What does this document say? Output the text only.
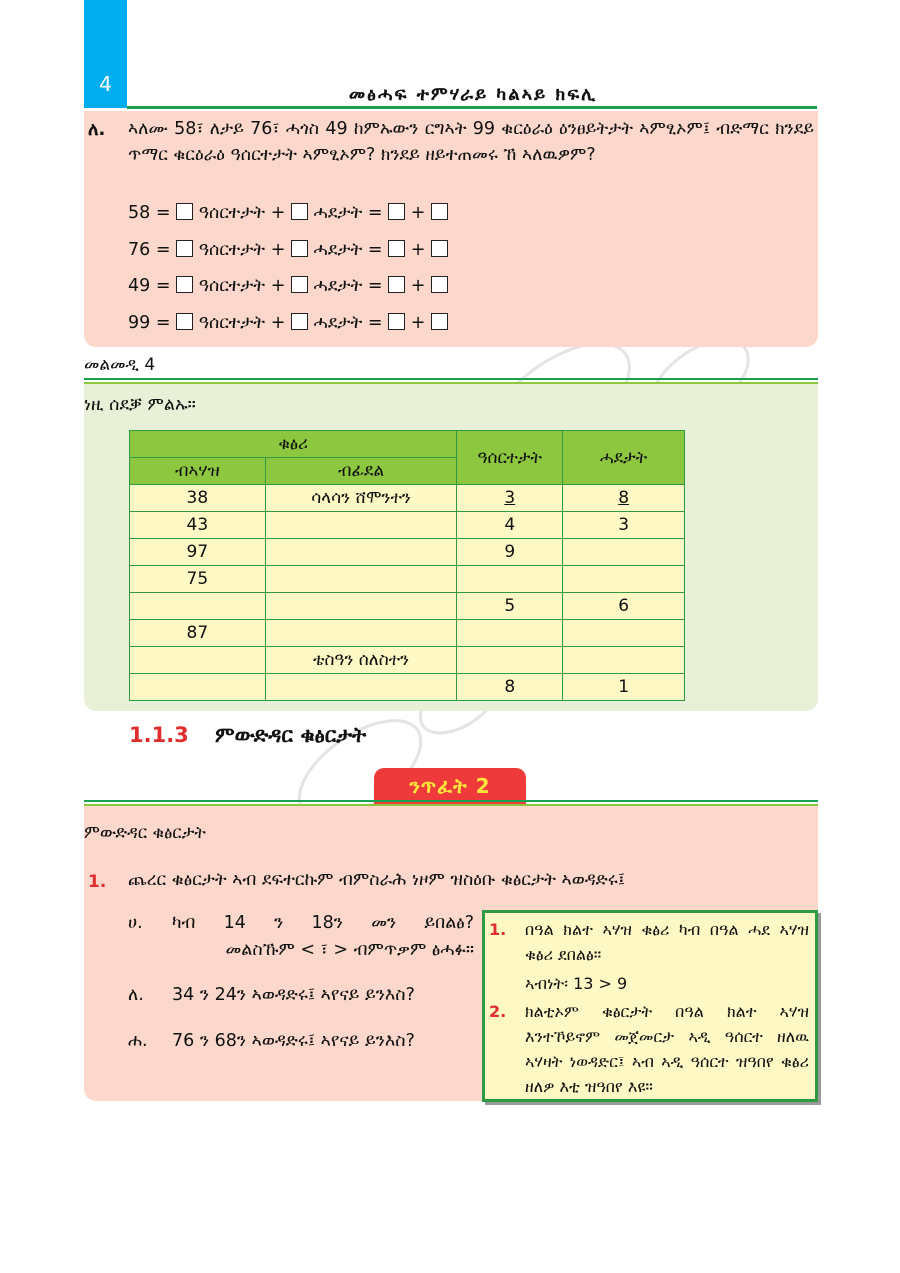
4	መፅሓፍ ተምሃራይ ካልኣይ ክፍሊ
ለ. ኣለሙ 58፣ ለታይ 76፣ ሓጎስ 49 ከምኡውን ርግኣት 99 ቁርዕራዕ ዕንፀይትታት ኣምፂኦም፤ ብድማር ክንደይ ጥማር ቁርዕራዕ ዓሰርተታት ኣምፂኦም? ክንደይ ዘይተጠመሩ ኸ ኣለዉዎም?
58 = ዓሰርተታት + ሓደታት = +
76 = ዓሰርተታት + ሓደታት = +
49 = ዓሰርተታት + ሓደታት = +
99 = ዓሰርተታት + ሓደታት = +
መልመዲ 4
ነዚ ሰደቓ ምልኡ።
ቁፅሪ		ዓሰርተታት	ሓደታት
ብኣሃዝ	ብፊደል		
38	ሳላሳን ሸሞንተን	3	8
43		4	3
97		9	
75			
		5	6
87			
	ቴስዓን ሰለስተን		
		8	1
1.1.3 ምውድዳር ቁፅርታት
ንጥፈት 2
ምውድዳር ቁፅርታት
1. ጨረር ቁፅርታት ኣብ ደፍተርኩም ብምስራሕ ነዞም ዝስዕቡ ቁፅርታት ኣወዳድሩ፤
ሀ. ካብ 14 ን 18ን መን ይበልፅ?
መልስኹም < ፣ > ብምጥቃም ፅሓፉ።
ለ. 34 ን 24ን ኣወዳድሩ፤ ኣየናይ ይንእስ?
ሐ. 76 ን 68ን ኣወዳድሩ፤ ኣየናይ ይንእስ?
1. በዓል ክልተ ኣሃዝ ቁፅሪ ካብ በዓል ሓደ ኣሃዝ ቁፅሪ ደበልፅ።
ኣብነት፡ 13 > 9
2. ክልቲኦም ቁፅርታት በዓል ክልተ ኣሃዝ እንተኾይኖም መጀመርታ ኣዲ ዓሰርተ ዘለዉ ኣሃዛት ነወዳድር፤ ኣብ ኣዲ ዓሰርተ ዝዓበየ ቁፅሪ ዘለዎ እቲ ዝዓበየ እዩ።
